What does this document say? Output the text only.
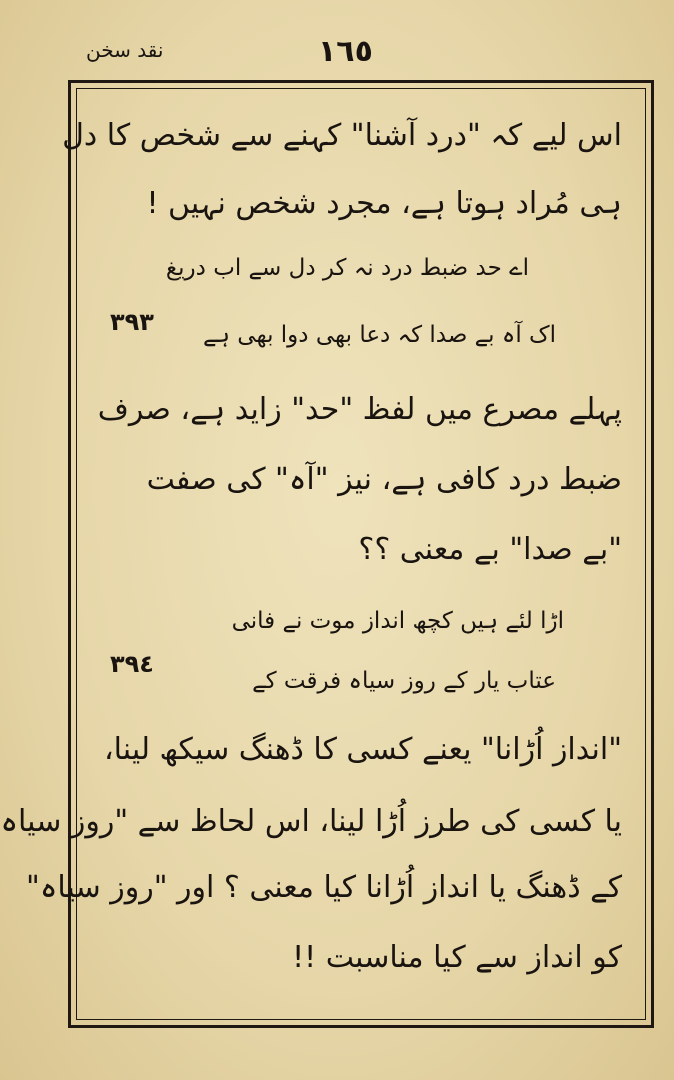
نقد سخن	١٦٥
اس لیے کہ "درد آشنا" کہنے سے شخص کا دل
ہی مُراد ہوتا ہے، مجرد شخص نہیں !
اے حد ضبط درد نہ کر دل سے اب دریغ
٣٩٣ اک آہ بے صدا کہ دعا بھی دوا بھی ہے
پہلے مصرع میں لفظ "حد" زاید ہے، صرف
ضبط درد کافی ہے، نیز "آہ" کی صفت
"بے صدا" بے معنی ؟؟
اڑا لئے ہیں کچھ انداز موت نے فانی
٣٩٤
عتاب یار کے روز سیاہ فرقت کے
"انداز اُڑانا" یعنے کسی کا ڈھنگ سیکھ لینا،
یا کسی کی طرز اُڑا لینا، اس لحاظ سے "روز سیاہ
کے ڈھنگ یا انداز اُڑانا کیا معنی ؟ اور "روز سیاہ"
کو انداز سے کیا مناسبت !!
